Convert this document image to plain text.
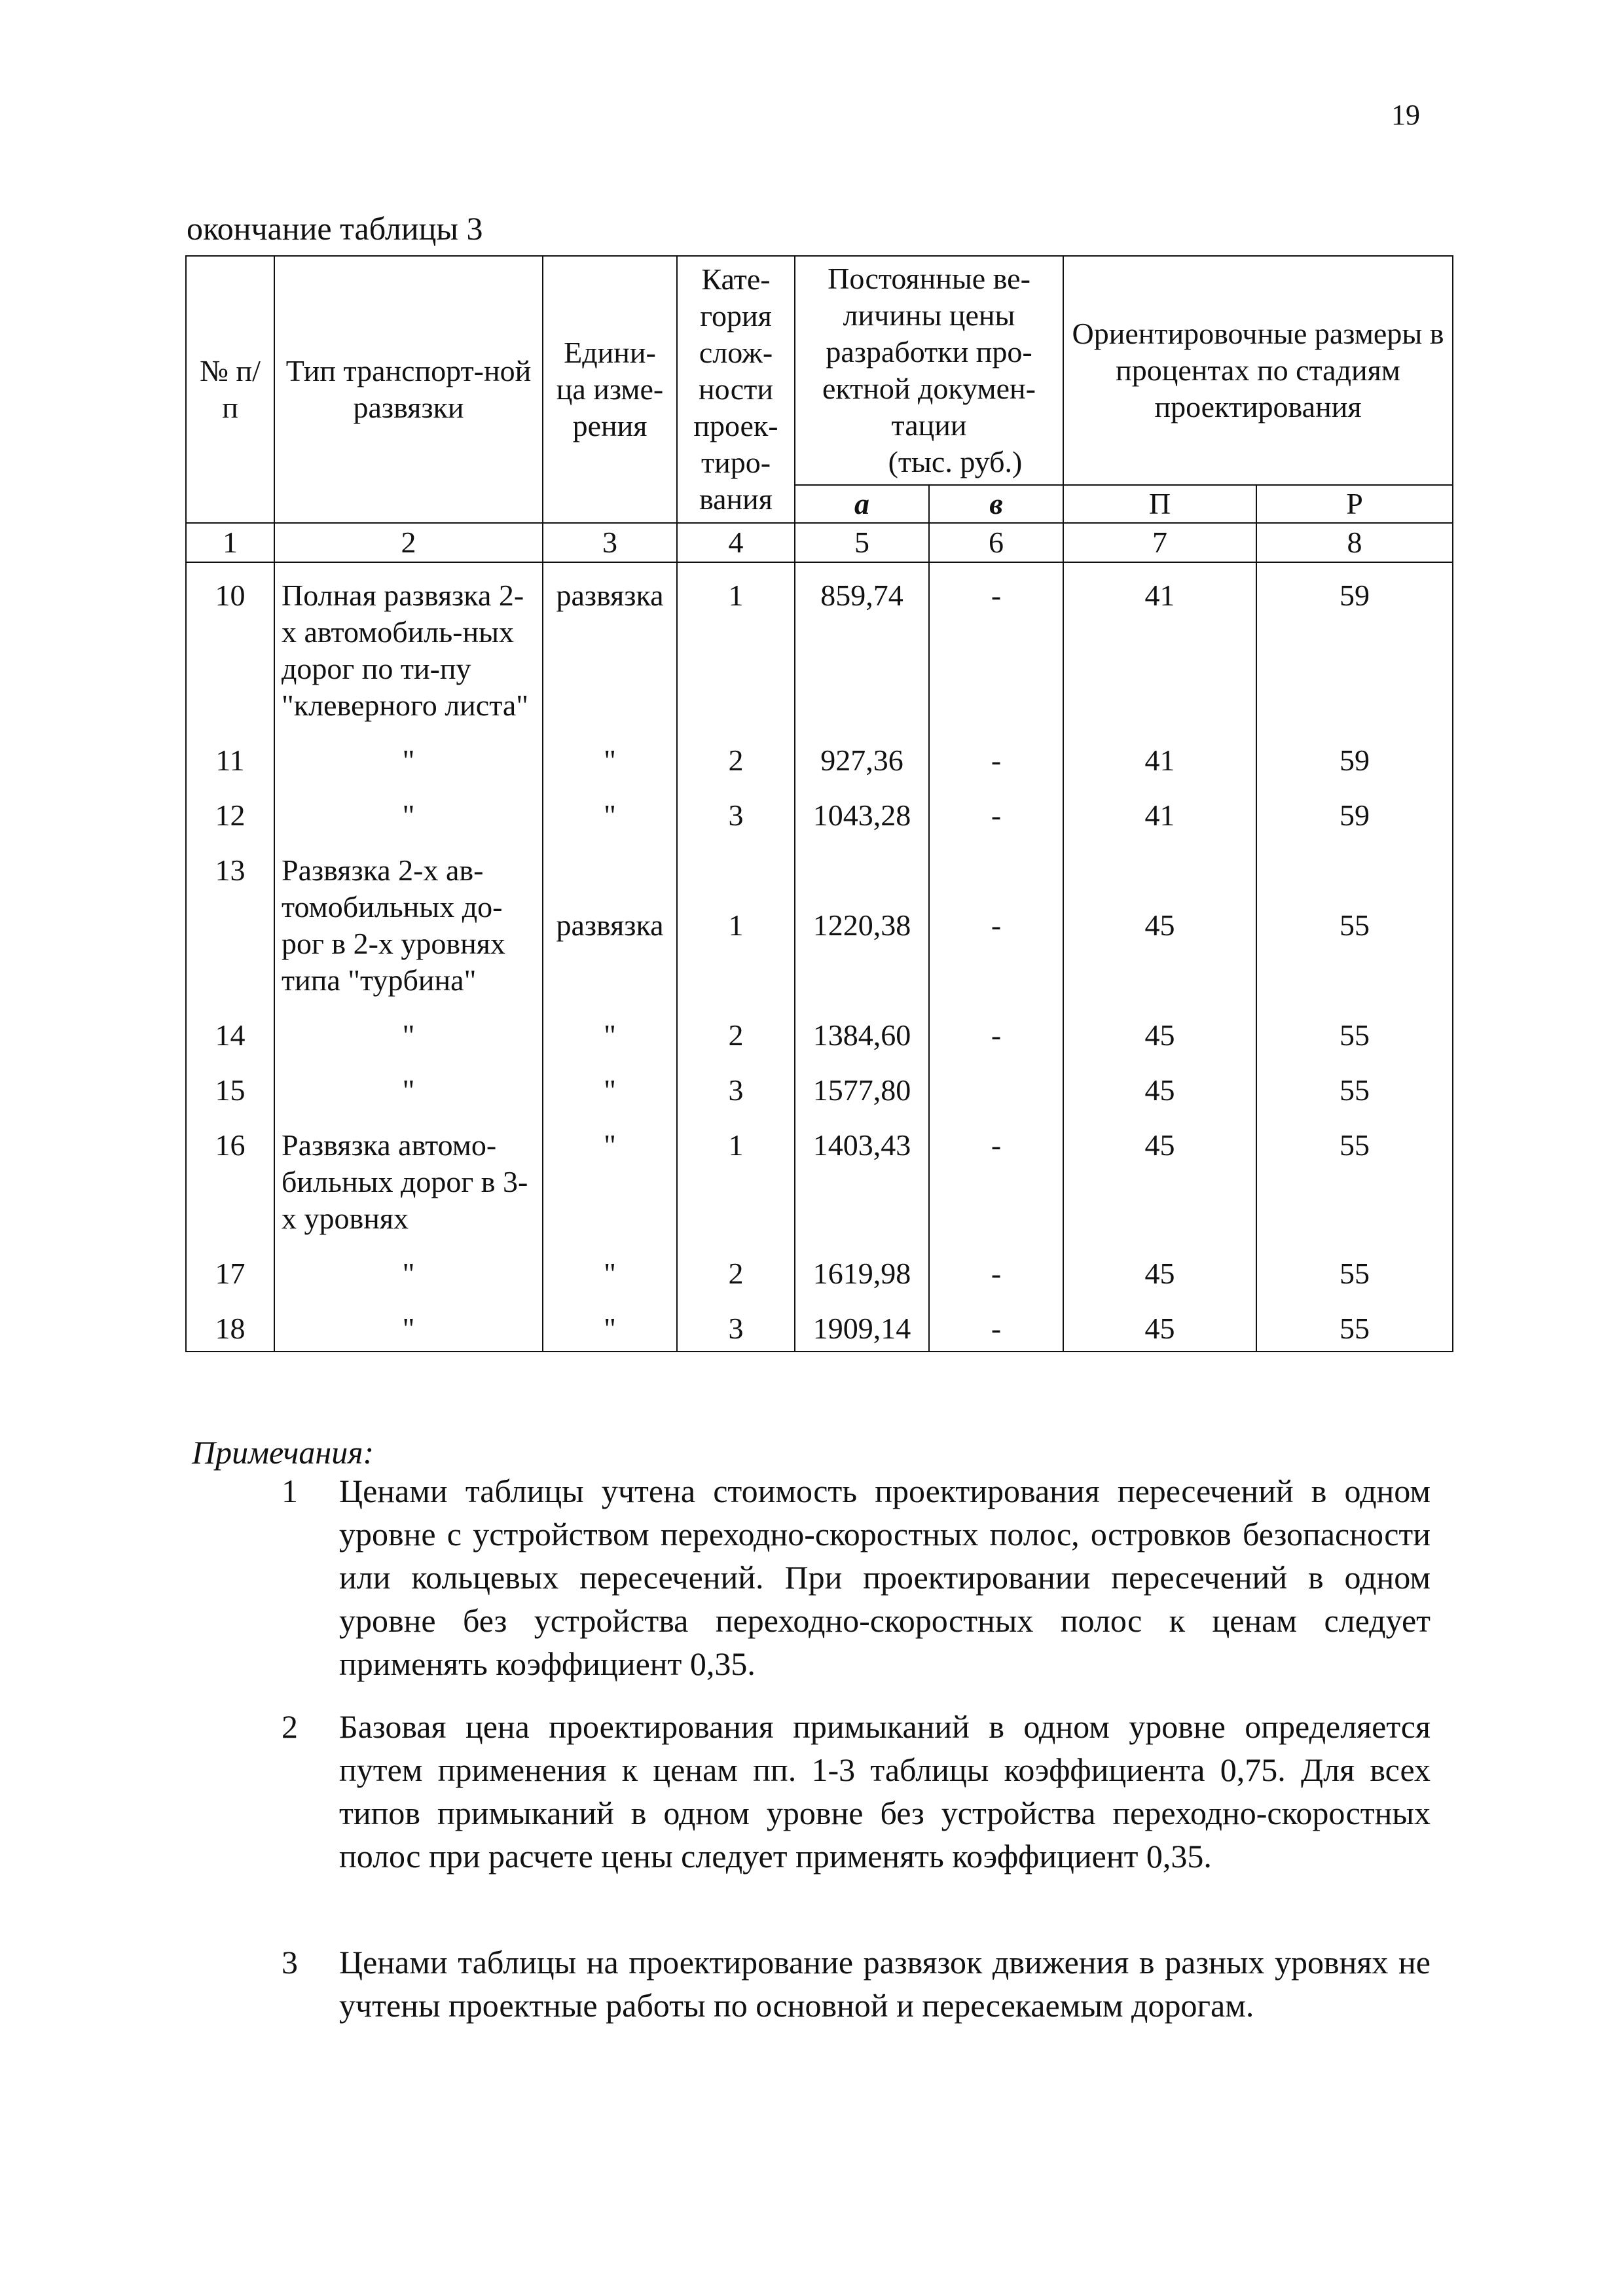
19
окончание таблицы 3
№ п/п	Тип транспорт-ной развязки	Едини-ца изме-рения	Кате-гория слож-ности проек-тиро-вания	Постоянные ве-личины цены разработки про-ектной докумен-тации
(тыс. руб.)		Ориентировочные размеры в процентах по стадиям проектирования	
				а	в	П	Р
1	2	3	4	5	6	7	8
10	Полная развязка 2-х автомобиль-ных дорог по ти-пу "клеверного листа"	развязка	1	859,74	-	41	59
11	"	"	2	927,36	-	41	59
12	"	"	3	1043,28	-	41	59
13	Развязка 2-х ав-томобильных до-рог в 2-х уровнях типа "турбина"	развязка	1	1220,38	-	45	55
14	"	"	2	1384,60	-	45	55
15	"	"	3	1577,80		45	55
16	Развязка автомо-бильных дорог в 3-х уровнях	"	1	1403,43	-	45	55
17	"	"	2	1619,98	-	45	55
18	"	"	3	1909,14	-	45	55
Примечания:
1 Ценами таблицы учтена стоимость проектирования пересечений в одном уровне с устройством переходно-скоростных полос, островков безопасности или кольцевых пересечений. При проектировании пересечений в одном уровне без устройства переходно-скоростных полос к ценам следует применять коэффициент 0,35.
2 Базовая цена проектирования примыканий в одном уровне определяется путем применения к ценам пп. 1-3 таблицы коэффициента 0,75. Для всех типов примыканий в одном уровне без устройства переходно-скоростных полос при расчете цены следует применять коэффициент 0,35.
3 Ценами таблицы на проектирование развязок движения в разных уровнях не учтены проектные работы по основной и пересекаемым дорогам.
